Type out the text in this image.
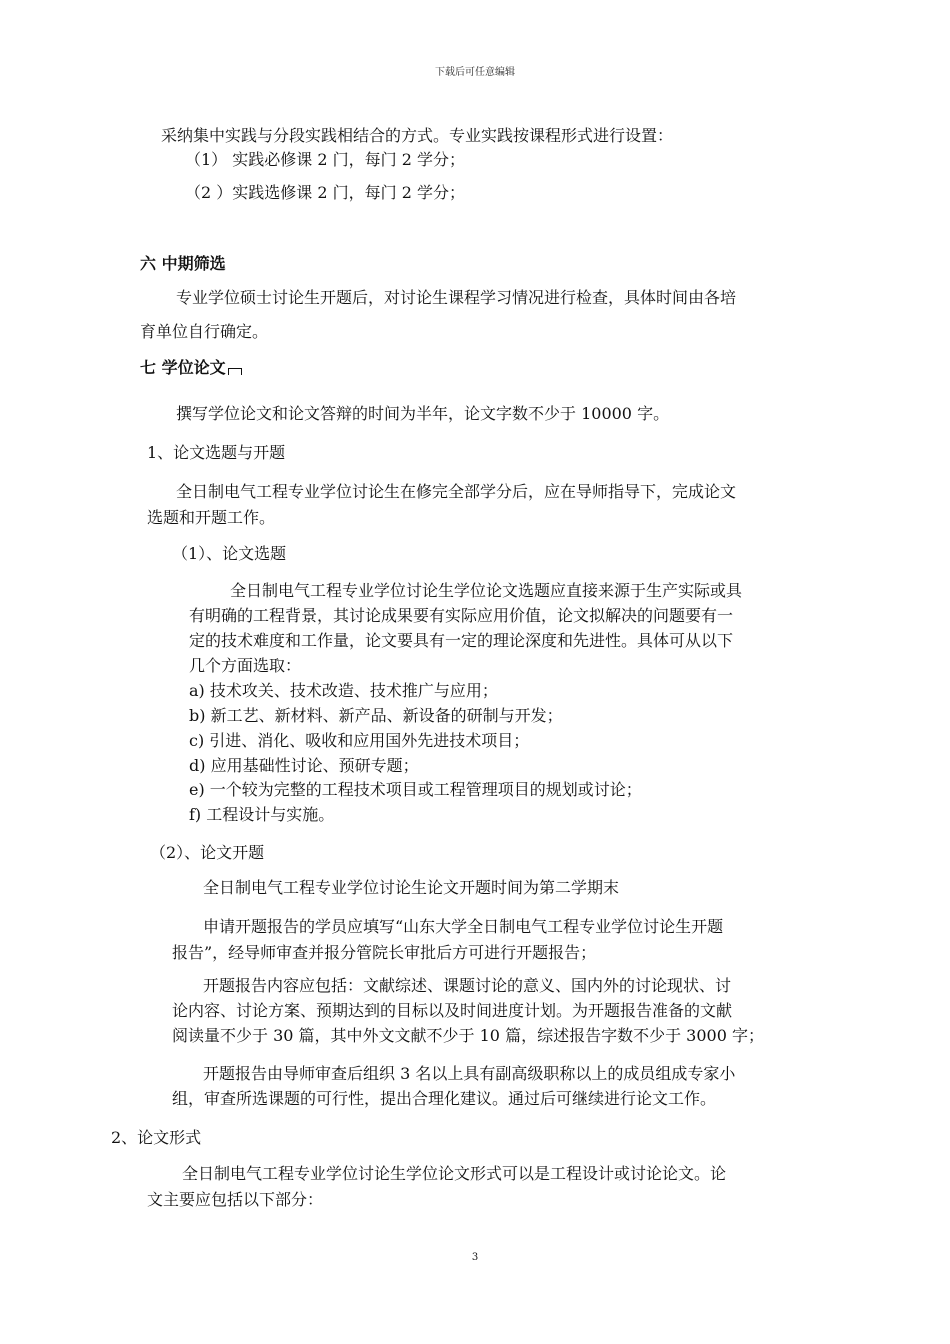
下载后可任意编辑
采纳集中实践与分段实践相结合的方式。专业实践按课程形式进行设置：
（1） 实践必修课 2 门，每门 2 学分；
（2 ）实践选修课 2 门，每门 2 学分；
六 中期筛选
专业学位硕士讨论生开题后，对讨论生课程学习情况进行检查，具体时间由各培
育单位自行确定。
七 学位论文
撰写学位论文和论文答辩的时间为半年，论文字数不少于 10000 字。
1、论文选题与开题
全日制电气工程专业学位讨论生在修完全部学分后，应在导师指导下，完成论文
选题和开题工作。
（1）、论文选题
全日制电气工程专业学位讨论生学位论文选题应直接来源于生产实际或具
有明确的工程背景，其讨论成果要有实际应用价值，论文拟解决的问题要有一
定的技术难度和工作量，论文要具有一定的理论深度和先进性。具体可从以下
几个方面选取：
a) 技术攻关、技术改造、技术推广与应用；
b) 新工艺、新材料、新产品、新设备的研制与开发；
c) 引进、消化、吸收和应用国外先进技术项目；
d) 应用基础性讨论、预研专题；
e) 一个较为完整的工程技术项目或工程管理项目的规划或讨论；
f) 工程设计与实施。
（2）、论文开题
全日制电气工程专业学位讨论生论文开题时间为第二学期末
申请开题报告的学员应填写“山东大学全日制电气工程专业学位讨论生开题
报告”，经导师审查并报分管院长审批后方可进行开题报告；
开题报告内容应包括：文献综述、课题讨论的意义、国内外的讨论现状、讨
论内容、讨论方案、预期达到的目标以及时间进度计划。为开题报告准备的文献
阅读量不少于 30 篇，其中外文文献不少于 10 篇，综述报告字数不少于 3000 字；
开题报告由导师审查后组织 3 名以上具有副高级职称以上的成员组成专家小
组，审查所选课题的可行性，提出合理化建议。通过后可继续进行论文工作。
2、论文形式
全日制电气工程专业学位讨论生学位论文形式可以是工程设计或讨论论文。论
文主要应包括以下部分：
3
